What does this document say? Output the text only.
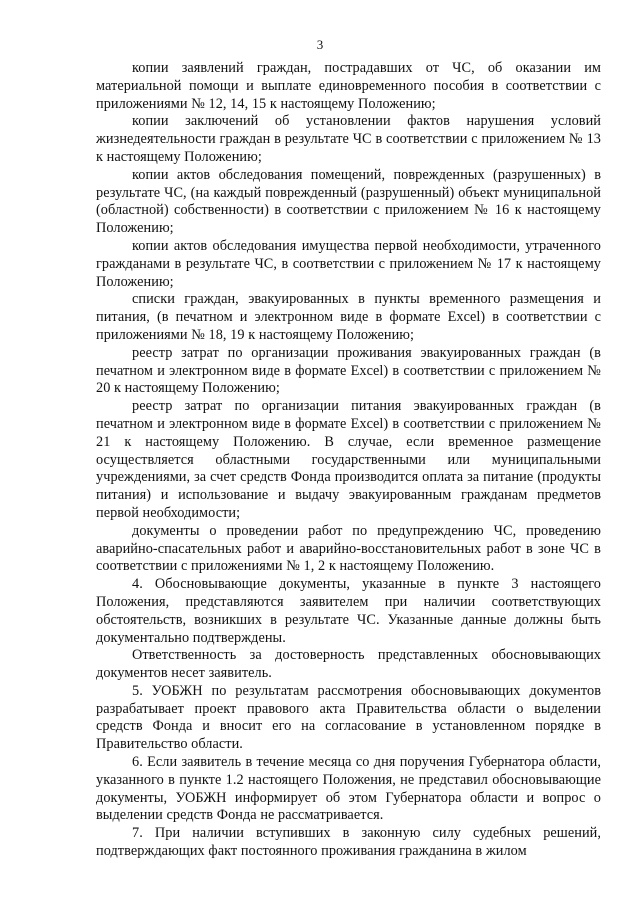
3

копии заявлений граждан, пострадавших от ЧС, об оказании им материальной помощи и выплате единовременного пособия в соответствии с приложениями № 12, 14, 15 к настоящему Положению;

копии заключений об установлении фактов нарушения условий жизнедеятельности граждан в результате ЧС в соответствии с приложением № 13 к настоящему Положению;

копии актов обследования помещений, поврежденных (разрушенных) в результате ЧС, (на каждый поврежденный (разрушенный) объект муниципальной (областной) собственности) в соответствии с приложением № 16 к настоящему Положению;

копии актов обследования имущества первой необходимости, утраченного гражданами в результате ЧС, в соответствии с приложением № 17 к настоящему Положению;

списки граждан, эвакуированных в пункты временного размещения и питания, (в печатном и электронном виде в формате Excel) в соответствии с приложениями № 18, 19 к настоящему Положению;

реестр затрат по организации проживания эвакуированных граждан (в печатном и электронном виде в формате Excel) в соответствии с приложением № 20 к настоящему Положению;

реестр затрат по организации питания эвакуированных граждан (в печатном и электронном виде в формате Excel) в соответствии с приложением № 21 к настоящему Положению. В случае, если временное размещение осуществляется областными государственными или муниципальными учреждениями, за счет средств Фонда производится оплата за питание (продукты питания) и использование и выдачу эвакуированным гражданам предметов первой необходимости;

документы о проведении работ по предупреждению ЧС, проведению аварийно-спасательных работ и аварийно-восстановительных работ в зоне ЧС в соответствии с приложениями № 1, 2 к настоящему Положению.

4. Обосновывающие документы, указанные в пункте 3 настоящего Положения, представляются заявителем при наличии соответствующих обстоятельств, возникших в результате ЧС. Указанные данные должны быть документально подтверждены.

Ответственность за достоверность представленных обосновывающих документов несет заявитель.

5. УОБЖН по результатам рассмотрения обосновывающих документов разрабатывает проект правового акта Правительства области о выделении средств Фонда и вносит его на согласование в установленном порядке в Правительство области.

6. Если заявитель в течение месяца со дня поручения Губернатора области, указанного в пункте 1.2 настоящего Положения, не представил обосновывающие документы, УОБЖН информирует об этом Губернатора области и вопрос о выделении средств Фонда не рассматривается.

7. При наличии вступивших в законную силу судебных решений, подтверждающих факт постоянного проживания гражданина в жилом
